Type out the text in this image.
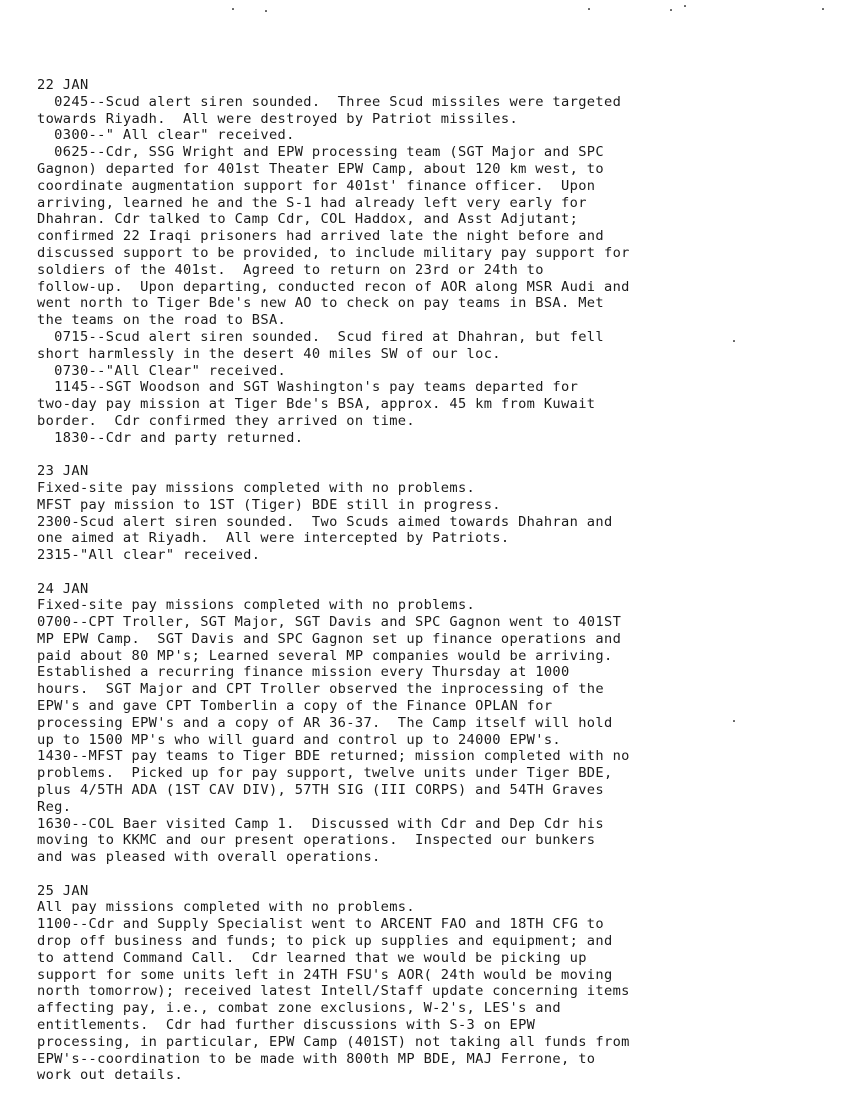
22 JAN
0245--Scud alert siren sounded.  Three Scud missiles were targeted
towards Riyadh.  All were destroyed by Patriot missiles.
0300--" All clear" received.
0625--Cdr, SSG Wright and EPW processing team (SGT Major and SPC
Gagnon) departed for 401st Theater EPW Camp, about 120 km west, to
coordinate augmentation support for 401st' finance officer.  Upon
arriving, learned he and the S-1 had already left very early for
Dhahran. Cdr talked to Camp Cdr, COL Haddox, and Asst Adjutant;
confirmed 22 Iraqi prisoners had arrived late the night before and
discussed support to be provided, to include military pay support for
soldiers of the 401st.  Agreed to return on 23rd or 24th to
follow-up.  Upon departing, conducted recon of AOR along MSR Audi and
went north to Tiger Bde's new AO to check on pay teams in BSA. Met
the teams on the road to BSA.
0715--Scud alert siren sounded.  Scud fired at Dhahran, but fell
short harmlessly in the desert 40 miles SW of our loc.
0730--"All Clear" received.
1145--SGT Woodson and SGT Washington's pay teams departed for
two-day pay mission at Tiger Bde's BSA, approx. 45 km from Kuwait
border.  Cdr confirmed they arrived on time.
1830--Cdr and party returned.
23 JAN
Fixed-site pay missions completed with no problems.
MFST pay mission to 1ST (Tiger) BDE still in progress.
2300-Scud alert siren sounded.  Two Scuds aimed towards Dhahran and
one aimed at Riyadh.  All were intercepted by Patriots.
2315-"All clear" received.
24 JAN
Fixed-site pay missions completed with no problems.
0700--CPT Troller, SGT Major, SGT Davis and SPC Gagnon went to 401ST
MP EPW Camp.  SGT Davis and SPC Gagnon set up finance operations and
paid about 80 MP's; Learned several MP companies would be arriving.
Established a recurring finance mission every Thursday at 1000
hours.  SGT Major and CPT Troller observed the inprocessing of the
EPW's and gave CPT Tomberlin a copy of the Finance OPLAN for
processing EPW's and a copy of AR 36-37.  The Camp itself will hold
up to 1500 MP's who will guard and control up to 24000 EPW's.
1430--MFST pay teams to Tiger BDE returned; mission completed with no
problems.  Picked up for pay support, twelve units under Tiger BDE,
plus 4/5TH ADA (1ST CAV DIV), 57TH SIG (III CORPS) and 54TH Graves
Reg.
1630--COL Baer visited Camp 1.  Discussed with Cdr and Dep Cdr his
moving to KKMC and our present operations.  Inspected our bunkers
and was pleased with overall operations.
25 JAN
All pay missions completed with no problems.
1100--Cdr and Supply Specialist went to ARCENT FAO and 18TH CFG to
drop off business and funds; to pick up supplies and equipment; and
to attend Command Call.  Cdr learned that we would be picking up
support for some units left in 24TH FSU's AOR( 24th would be moving
north tomorrow); received latest Intell/Staff update concerning items
affecting pay, i.e., combat zone exclusions, W-2's, LES's and
entitlements.  Cdr had further discussions with S-3 on EPW
processing, in particular, EPW Camp (401ST) not taking all funds from
EPW's--coordination to be made with 800th MP BDE, MAJ Ferrone, to
work out details.
